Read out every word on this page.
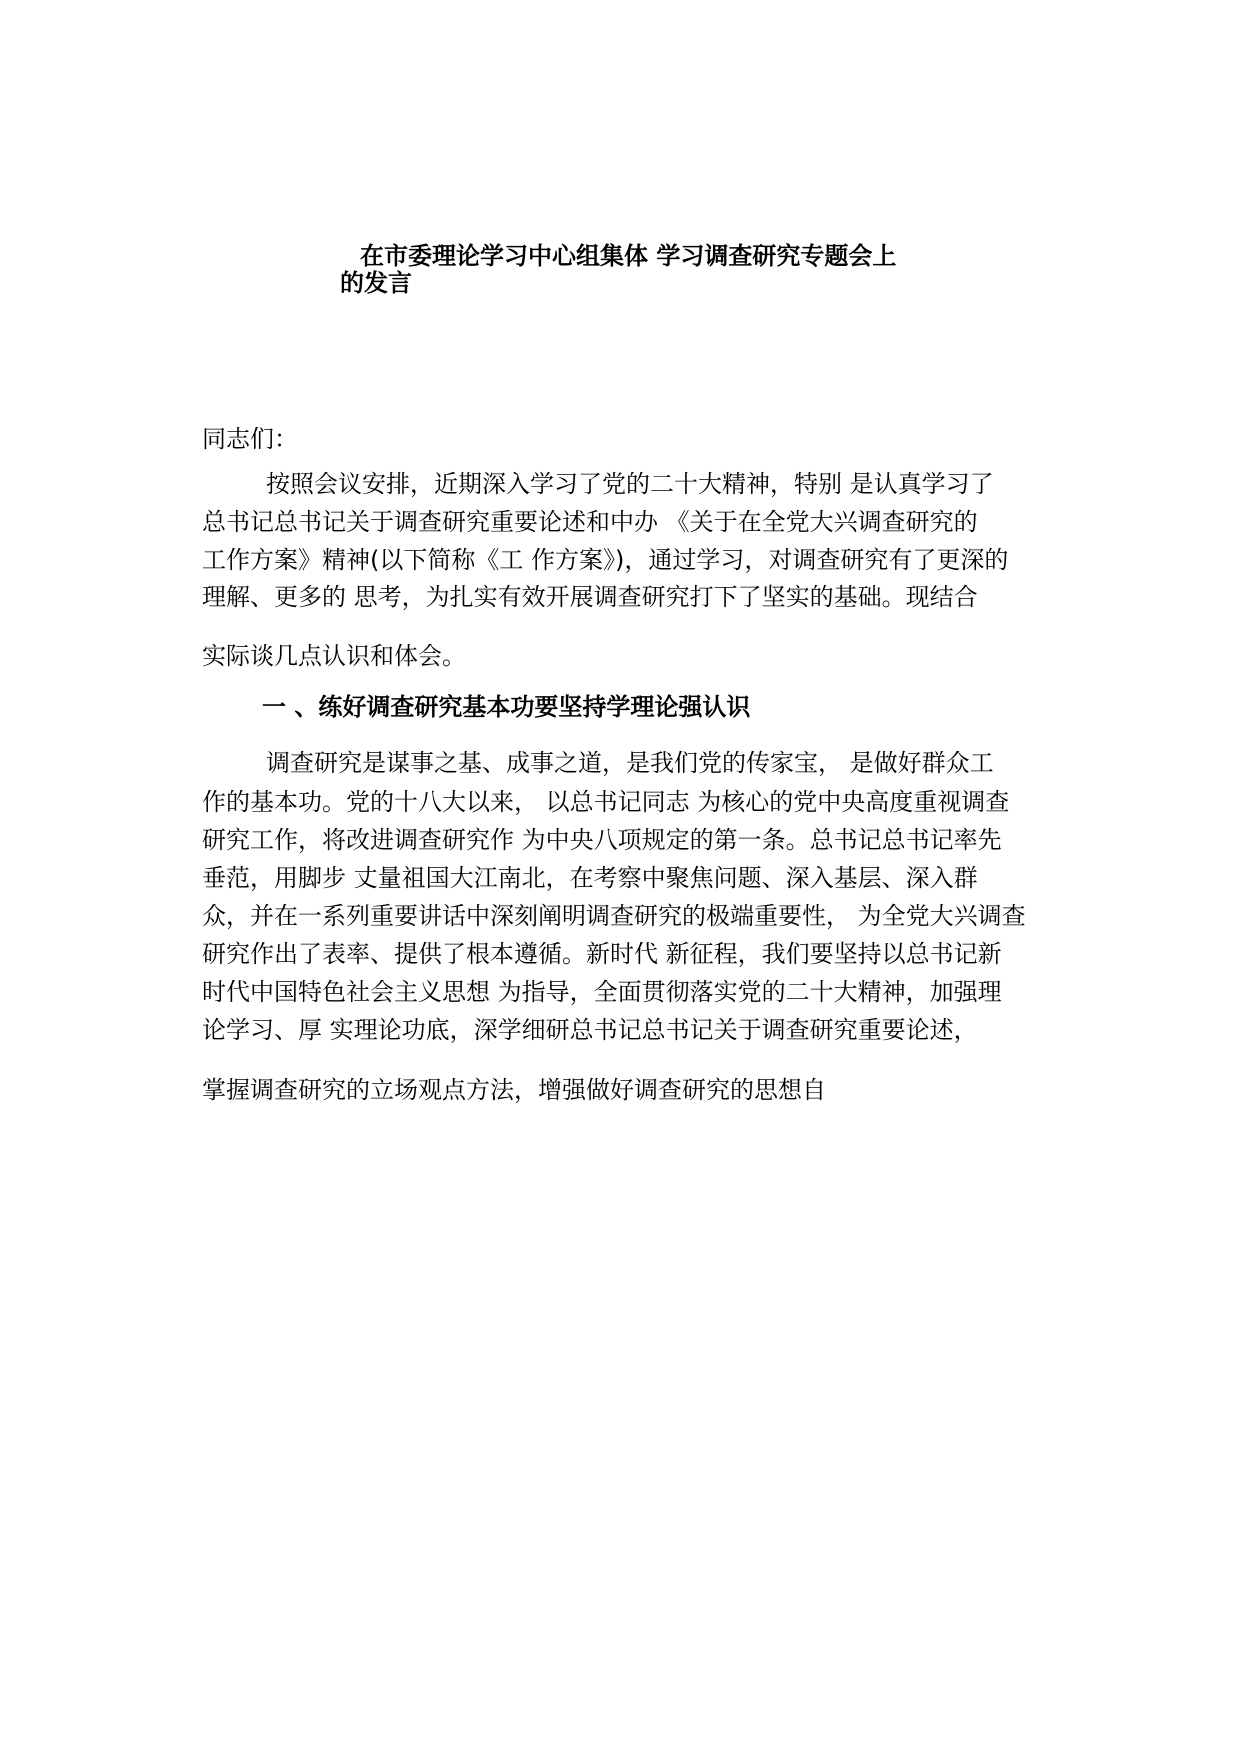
在市委理论学习中心组集体 学习调查研究专题会上
的发言
同志们：
按照会议安排，近期深入学习了党的二十大精神，特别 是认真学习了
总书记总书记关于调查研究重要论述和中办 《关于在全党大兴调查研究的
工作方案》精神(以下简称《工 作方案》)，通过学习，对调查研究有了更深的
理解、更多的 思考，为扎实有效开展调查研究打下了坚实的基础。现结合
实际谈几点认识和体会。
一 、练好调查研究基本功要坚持学理论强认识
调查研究是谋事之基、成事之道，是我们党的传家宝， 是做好群众工
作的基本功。党的十八大以来， 以总书记同志 为核心的党中央高度重视调查
研究工作，将改进调查研究作 为中央八项规定的第一条。总书记总书记率先
垂范，用脚步 丈量祖国大江南北，在考察中聚焦问题、深入基层、深入群
众，并在一系列重要讲话中深刻阐明调查研究的极端重要性， 为全党大兴调查
研究作出了表率、提供了根本遵循。新时代 新征程，我们要坚持以总书记新
时代中国特色社会主义思想 为指导，全面贯彻落实党的二十大精神，加强理
论学习、厚 实理论功底，深学细研总书记总书记关于调查研究重要论述，
掌握调查研究的立场观点方法，增强做好调查研究的思想自
